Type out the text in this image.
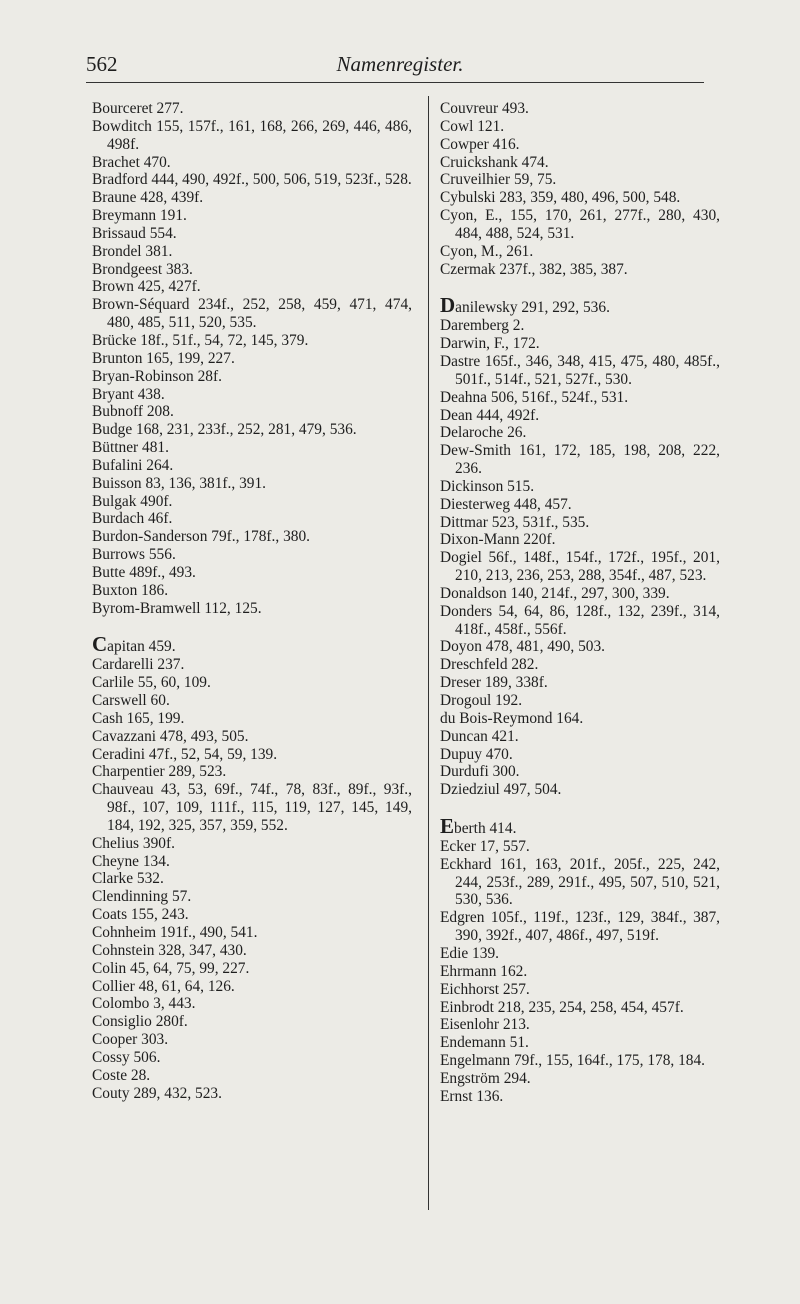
562	Namenregister.
Bourceret 277.
Bowditch 155, 157f., 161, 168, 266, 269, 446, 486, 498f.
Brachet 470.
Bradford 444, 490, 492f., 500, 506, 519, 523f., 528.
Braune 428, 439f.
Breymann 191.
Brissaud 554.
Brondel 381.
Brondgeest 383.
Brown 425, 427f.
Brown-Séquard 234f., 252, 258, 459, 471, 474, 480, 485, 511, 520, 535.
Brücke 18f., 51f., 54, 72, 145, 379.
Brunton 165, 199, 227.
Bryan-Robinson 28f.
Bryant 438.
Bubnoff 208.
Budge 168, 231, 233f., 252, 281, 479, 536.
Büttner 481.
Bufalini 264.
Buisson 83, 136, 381f., 391.
Bulgak 490f.
Burdach 46f.
Burdon-Sanderson 79f., 178f., 380.
Burrows 556.
Butte 489f., 493.
Buxton 186.
Byrom-Bramwell 112, 125.
Capitan 459.
Cardarelli 237.
Carlile 55, 60, 109.
Carswell 60.
Cash 165, 199.
Cavazzani 478, 493, 505.
Ceradini 47f., 52, 54, 59, 139.
Charpentier 289, 523.
Chauveau 43, 53, 69f., 74f., 78, 83f., 89f., 93f., 98f., 107, 109, 111f., 115, 119, 127, 145, 149, 184, 192, 325, 357, 359, 552.
Chelius 390f.
Cheyne 134.
Clarke 532.
Clendinning 57.
Coats 155, 243.
Cohnheim 191f., 490, 541.
Cohnstein 328, 347, 430.
Colin 45, 64, 75, 99, 227.
Collier 48, 61, 64, 126.
Colombo 3, 443.
Consiglio 280f.
Cooper 303.
Cossy 506.
Coste 28.
Couty 289, 432, 523.
Couvreur 493.
Cowl 121.
Cowper 416.
Cruickshank 474.
Cruveilhier 59, 75.
Cybulski 283, 359, 480, 496, 500, 548.
Cyon, E., 155, 170, 261, 277f., 280, 430, 484, 488, 524, 531.
Cyon, M., 261.
Czermak 237f., 382, 385, 387.
Danilewsky 291, 292, 536.
Daremberg 2.
Darwin, F., 172.
Dastre 165f., 346, 348, 415, 475, 480, 485f., 501f., 514f., 521, 527f., 530.
Deahna 506, 516f., 524f., 531.
Dean 444, 492f.
Delaroche 26.
Dew-Smith 161, 172, 185, 198, 208, 222, 236.
Dickinson 515.
Diesterweg 448, 457.
Dittmar 523, 531f., 535.
Dixon-Mann 220f.
Dogiel 56f., 148f., 154f., 172f., 195f., 201, 210, 213, 236, 253, 288, 354f., 487, 523.
Donaldson 140, 214f., 297, 300, 339.
Donders 54, 64, 86, 128f., 132, 239f., 314, 418f., 458f., 556f.
Doyon 478, 481, 490, 503.
Dreschfeld 282.
Dreser 189, 338f.
Drogoul 192.
du Bois-Reymond 164.
Duncan 421.
Dupuy 470.
Durdufi 300.
Dziedziul 497, 504.
Eberth 414.
Ecker 17, 557.
Eckhard 161, 163, 201f., 205f., 225, 242, 244, 253f., 289, 291f., 495, 507, 510, 521, 530, 536.
Edgren 105f., 119f., 123f., 129, 384f., 387, 390, 392f., 407, 486f., 497, 519f.
Edie 139.
Ehrmann 162.
Eichhorst 257.
Einbrodt 218, 235, 254, 258, 454, 457f.
Eisenlohr 213.
Endemann 51.
Engelmann 79f., 155, 164f., 175, 178, 184.
Engström 294.
Ernst 136.
